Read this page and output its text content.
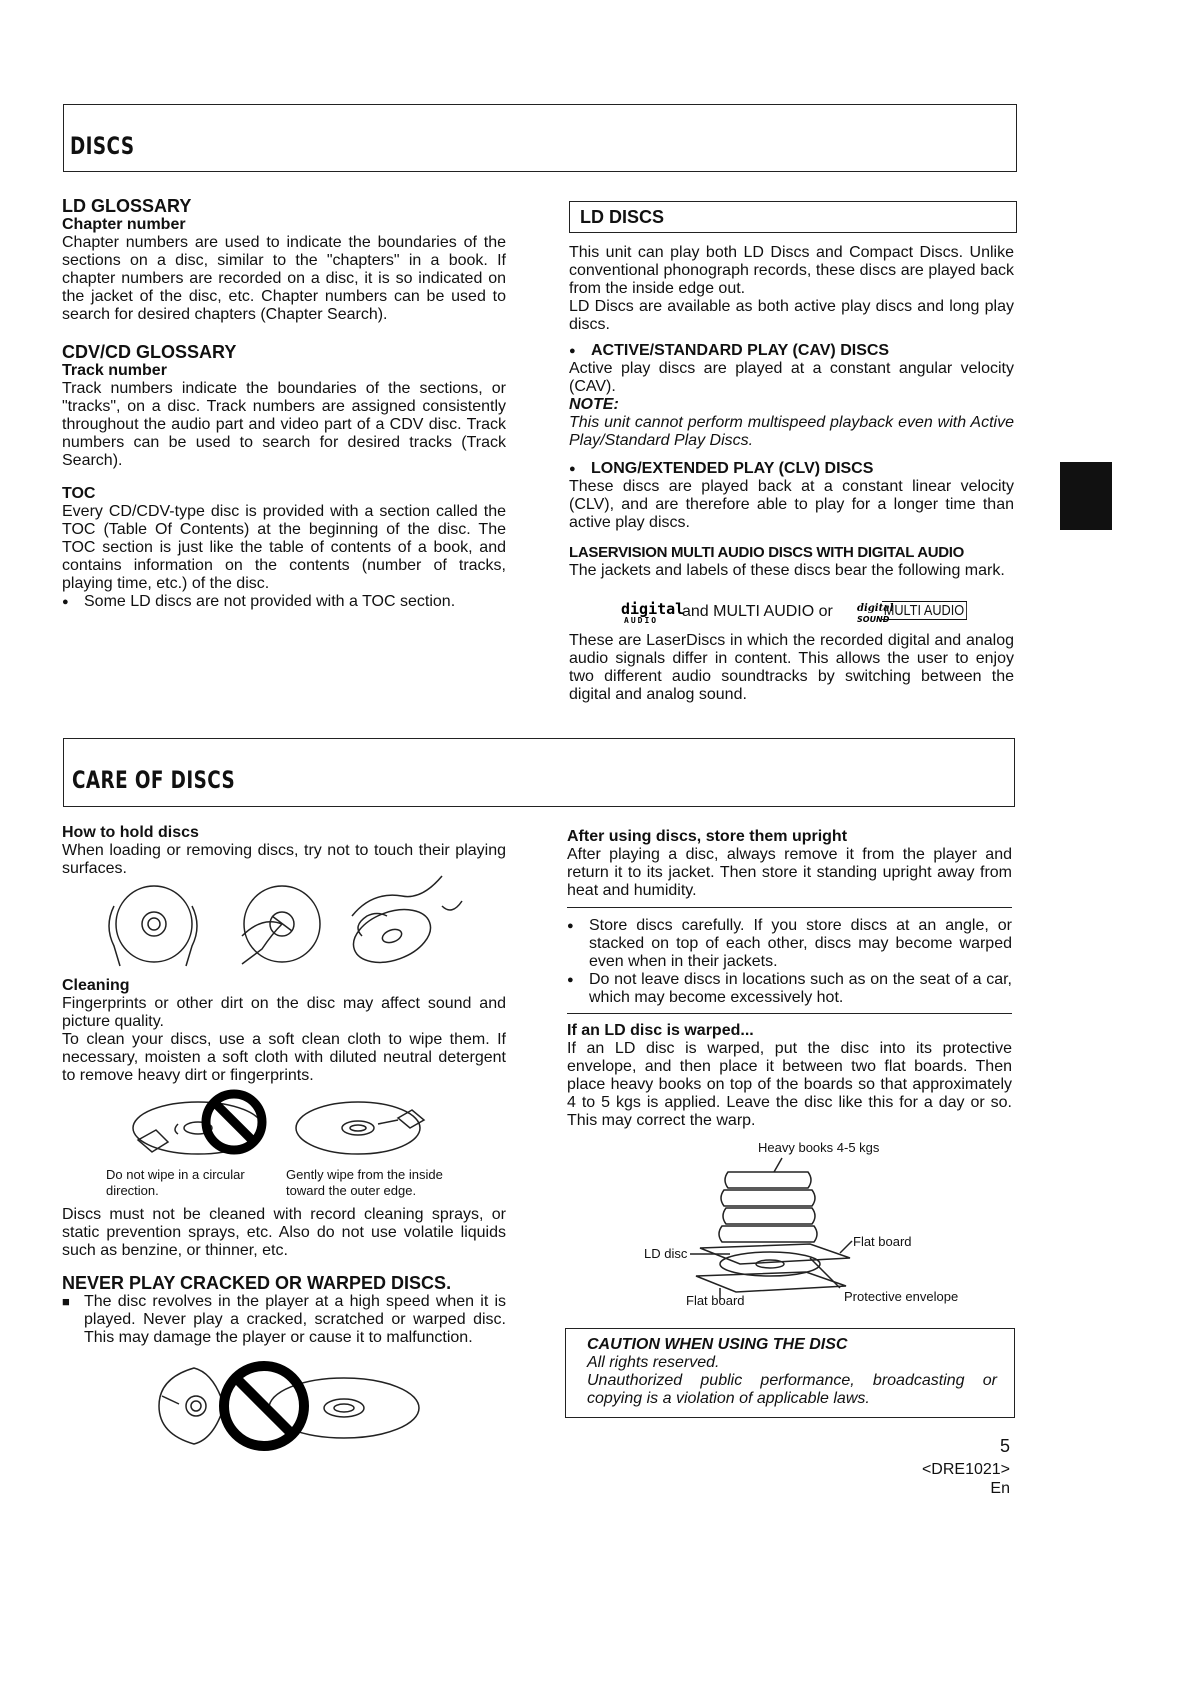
DISCS
LD GLOSSARY
Chapter number
Chapter numbers are used to indicate the boundaries of the sections on a disc, similar to the "chapters" in a book. If chapter numbers are recorded on a disc, it is so indicated on the jacket of the disc, etc. Chapter numbers can be used to search for desired chapters (Chapter Search).
CDV/CD GLOSSARY
Track number
Track numbers indicate the boundaries of the sections, or "tracks", on a disc. Track numbers are assigned consistently throughout the audio part and video part of a CDV disc. Track numbers can be used to search for desired tracks (Track Search).
TOC
Every CD/CDV-type disc is provided with a section called the TOC (Table Of Contents) at the beginning of the disc. The TOC section is just like the table of contents of a book, and contains information on the contents (number of tracks, playing time, etc.) of the disc.
● Some LD discs are not provided with a TOC section.
LD DISCS
This unit can play both LD Discs and Compact Discs. Unlike conventional phonograph records, these discs are played back from the inside edge out.
LD Discs are available as both active play discs and long play discs.
● ACTIVE/STANDARD PLAY (CAV) DISCS
Active play discs are played at a constant angular velocity (CAV).
NOTE:
This unit cannot perform multispeed playback even with Active Play/Standard Play Discs.
● LONG/EXTENDED PLAY (CLV) DISCS
These discs are played back at a constant linear velocity (CLV), and are therefore able to play for a longer time than active play discs.
LASERVISION MULTI AUDIO DISCS WITH DIGITAL AUDIO
The jackets and labels of these discs bear the following mark.
digital
AUDIO
and MULTI AUDIO or digital
SOUND
MULTI AUDIO
These are LaserDiscs in which the recorded digital and analog audio signals differ in content. This allows the user to enjoy two different audio soundtracks by switching between the digital and analog sound.
CARE OF DISCS
How to hold discs
When loading or removing discs, try not to touch their playing surfaces.
Cleaning
Fingerprints or other dirt on the disc may affect sound and picture quality.
To clean your discs, use a soft clean cloth to wipe them. If necessary, moisten a soft cloth with diluted neutral detergent to remove heavy dirt or fingerprints.
Do not wipe in a circular direction.
Gently wipe from the inside toward the outer edge.
Discs must not be cleaned with record cleaning sprays, or static prevention sprays, etc. Also do not use volatile liquids such as benzine, or thinner, etc.
NEVER PLAY CRACKED OR WARPED DISCS.
■ The disc revolves in the player at a high speed when it is played. Never play a cracked, scratched or warped disc. This may damage the player or cause it to malfunction.
After using discs, store them upright
After playing a disc, always remove it from the player and return it to its jacket. Then store it standing upright away from heat and humidity.
● Store discs carefully. If you store discs at an angle, or stacked on top of each other, discs may become warped even when in their jackets.
● Do not leave discs in locations such as on the seat of a car, which may become excessively hot.
If an LD disc is warped...
If an LD disc is warped, put the disc into its protective envelope, and then place it between two flat boards. Then place heavy books on top of the boards so that approximately 4 to 5 kgs is applied. Leave the disc like this for a day or so. This may correct the warp.
Heavy books 4-5 kgs
Flat board
LD disc
Protective envelope
Flat board
CAUTION WHEN USING THE DISC
All rights reserved.
Unauthorized public performance, broadcasting or copying is a violation of applicable laws.
5
<DRE1021>
En
